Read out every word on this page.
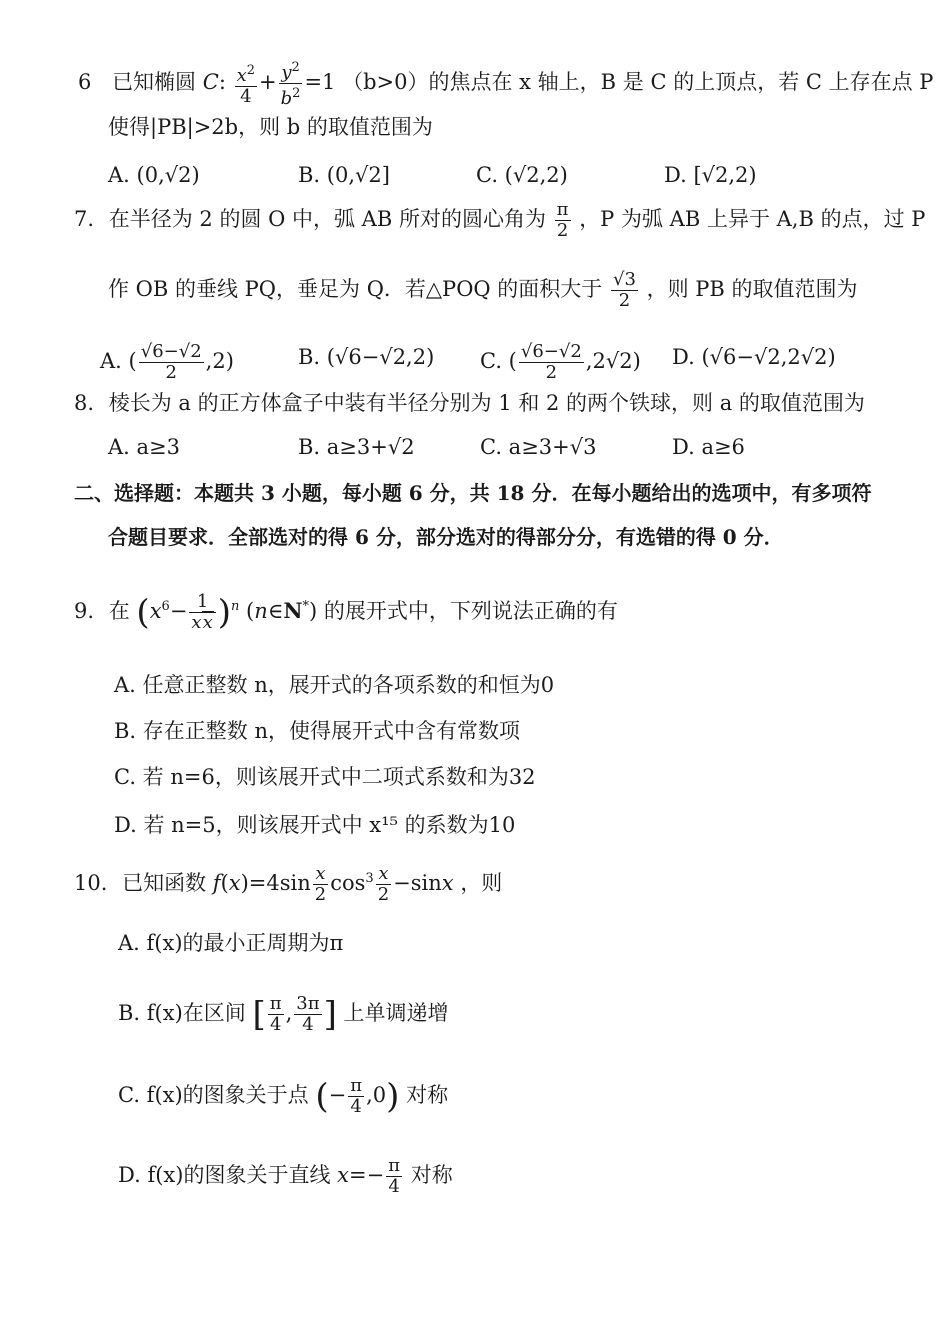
6 已知椭圆 C: $\frac{x^2}{4} + \frac{y^2}{b^2} =1$ （b>0）的焦点在 x 轴上，B 是 C 的上顶点，若 C 上存在点 P
使得|PB|>2b，则 b 的取值范围为
A. (0,√2)	B. (0,√2]	C. (√2,2)	D. [√2,2)
7. 在半径为 2 的圆 O 中，弧 AB 所对的圆心角为 $\frac{\pi}{2}$ ，P 为弧 AB 上异于 A,B 的点，过 P
作 OB 的垂线 PQ，垂足为 Q．若△POQ 的面积大于 $\frac{√3}{2}$ ，则 PB 的取值范围为
A. ( $\frac{√6-√2}{2} ,2$)	B. (√6−√2,2) C. ( $\frac{√6-√2}{2} ,2√2$) D. (√6−√2,2√2)
8. 棱长为 a 的正方体盒子中装有半径分别为 1 和 2 的两个铁球，则 a 的取值范围为
A. a≥3	B. a≥3+√2	C. a≥3+√3	D. a≥6
二、选择题：本题共 3 小题，每小题 6 分，共 18 分．在每小题给出的选项中，有多项符
合题目要求．全部选对的得 6 分，部分选对的得部分分，有选错的得 0 分．
9. 在 $(x^6- \frac{1}{xx} )^n$ (n∈N*) 的展开式中，下列说法正确的有
A. 任意正整数 n，展开式的各项系数的和恒为0
B. 存在正整数 n，使得展开式中含有常数项
C. 若 n=6，则该展开式中二项式系数和为32
D. 若 n=5，则该展开式中 x¹⁵ 的系数为10
10. 已知函数 $f(x)=4\sin \frac{x}{2} \cos^3 \frac{x}{2} -\sin x$ ，则
A. f(x)的最小正周期为π
B. f(x)在区间 [ $\frac{\pi}{4}$ , $\frac{3\pi}{4}$ ] 上单调递增
C. f(x)的图象关于点 (− $\frac{\pi}{4} ,0$) 对称
D. f(x)的图象关于直线 $x=- \frac{\pi}{4}$ 对称
